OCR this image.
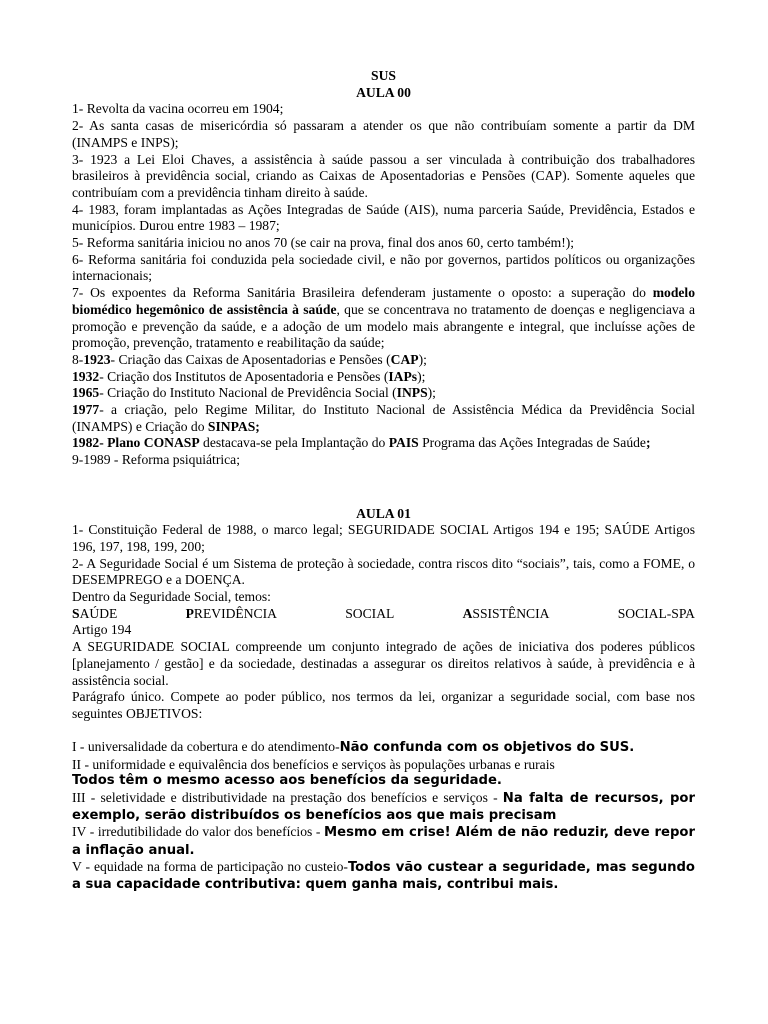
SUS
AULA 00
1- Revolta da vacina ocorreu em 1904;
2- As santa casas de misericórdia só passaram a atender os que não contribuíam somente a partir da DM (INAMPS e INPS);
3- 1923 a Lei Eloi Chaves, a assistência à saúde passou a ser vinculada à contribuição dos trabalhadores brasileiros à previdência social, criando as Caixas de Aposentadorias e Pensões (CAP). Somente aqueles que contribuíam com a previdência tinham direito à saúde.
4- 1983, foram implantadas as Ações Integradas de Saúde (AIS), numa parceria Saúde, Previdência, Estados e municípios. Durou entre 1983 – 1987;
5- Reforma sanitária iniciou no anos 70 (se cair na prova, final dos anos 60, certo também!);
6- Reforma sanitária foi conduzida pela sociedade civil, e não por governos, partidos políticos ou organizações internacionais;
7- Os expoentes da Reforma Sanitária Brasileira defenderam justamente o oposto: a superação do modelo biomédico hegemônico de assistência à saúde, que se concentrava no tratamento de doenças e negligenciava a promoção e prevenção da saúde, e a adoção de um modelo mais abrangente e integral, que incluísse ações de promoção, prevenção, tratamento e reabilitação da saúde;
8-1923- Criação das Caixas de Aposentadorias e Pensões (CAP);
1932- Criação dos Institutos de Aposentadoria e Pensões (IAPs);
1965- Criação do Instituto Nacional de Previdência Social (INPS);
1977- a criação, pelo Regime Militar, do Instituto Nacional de Assistência Médica da Previdência Social (INAMPS) e Criação do SINPAS;
1982- Plano CONASP destacava-se pela Implantação do PAIS Programa das Ações Integradas de Saúde;
9-1989 - Reforma psiquiátrica;
AULA 01
1- Constituição Federal de 1988, o marco legal; SEGURIDADE SOCIAL Artigos 194 e 195; SAÚDE Artigos 196, 197, 198, 199, 200;
2- A Seguridade Social é um Sistema de proteção à sociedade, contra riscos dito “sociais”, tais, como a FOME, o DESEMPREGO e a DOENÇA.
Dentro da Seguridade Social, temos:
SAÚDE	PREVIDÊNCIA	SOCIAL	ASSISTÊNCIA	SOCIAL-SPA
Artigo 194
A SEGURIDADE SOCIAL compreende um conjunto integrado de ações de iniciativa dos poderes públicos [planejamento / gestão] e da sociedade, destinadas a assegurar os direitos relativos à saúde, à previdência e à assistência social.
Parágrafo único. Compete ao poder público, nos termos da lei, organizar a seguridade social, com base nos seguintes OBJETIVOS:
I - universalidade da cobertura e do atendimento-Não confunda com os objetivos do SUS.
II - uniformidade e equivalência dos benefícios e serviços às populações urbanas e rurais
Todos têm o mesmo acesso aos benefícios da seguridade.
III - seletividade e distributividade na prestação dos benefícios e serviços - Na falta de recursos, por exemplo, serão distribuídos os benefícios aos que mais precisam
IV - irredutibilidade do valor dos benefícios - Mesmo em crise! Além de não reduzir, deve repor a inflação anual.
V - equidade na forma de participação no custeio-Todos vão custear a seguridade, mas segundo a sua capacidade contributiva: quem ganha mais, contribui mais.
